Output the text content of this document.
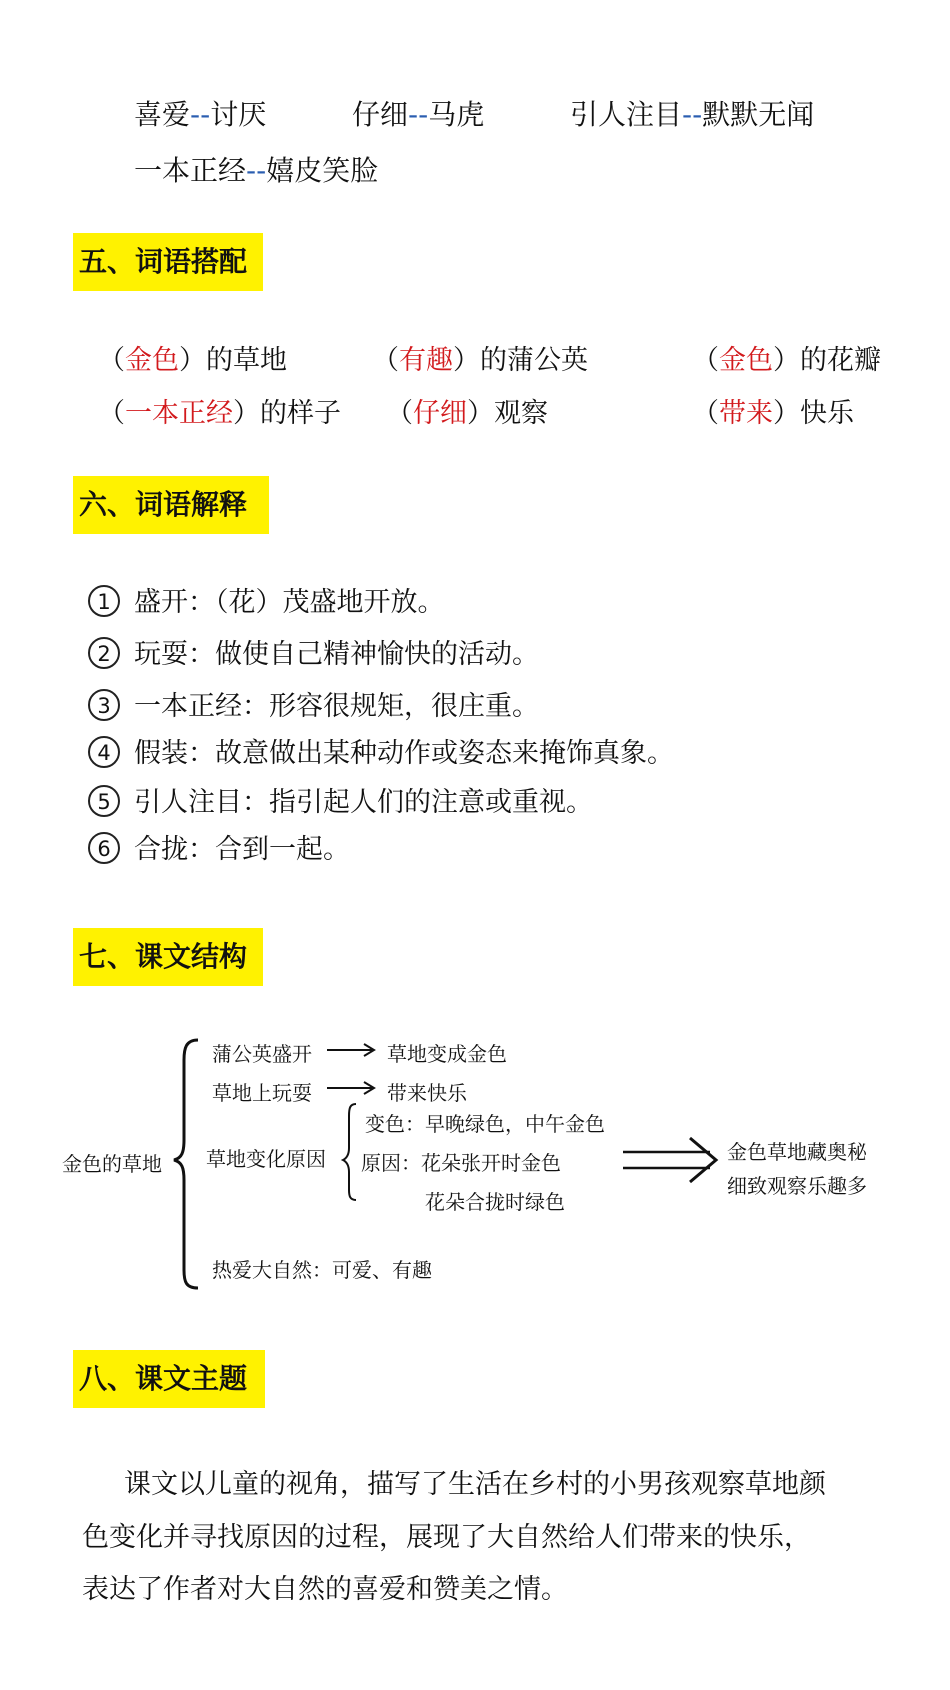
喜爱--讨厌	仔细--马虎	引人注目--默默无闻
一本正经--嬉皮笑脸
五、词语搭配
（金色）的草地	（有趣）的蒲公英	（金色）的花瓣
（一本正经）的样子 （仔细）观察	（带来）快乐
六、词语解释
1 盛开：（花）茂盛地开放。
2 玩耍：做使自己精神愉快的活动。
3 一本正经：形容很规矩，很庄重。
4 假装：故意做出某种动作或姿态来掩饰真象。
5 引人注目：指引起人们的注意或重视。
6 合拢：合到一起。
七、课文结构
金色的草地
蒲公英盛开	草地变成金色
草地上玩耍	带来快乐
草地变化原因
变色：早晚绿色，中午金色
原因：花朵张开时金色
花朵合拢时绿色
热爱大自然：可爱、有趣
金色草地藏奥秘
细致观察乐趣多
八、课文主题
课文以儿童的视角，描写了生活在乡村的小男孩观察草地颜
色变化并寻找原因的过程，展现了大自然给人们带来的快乐，
表达了作者对大自然的喜爱和赞美之情。
